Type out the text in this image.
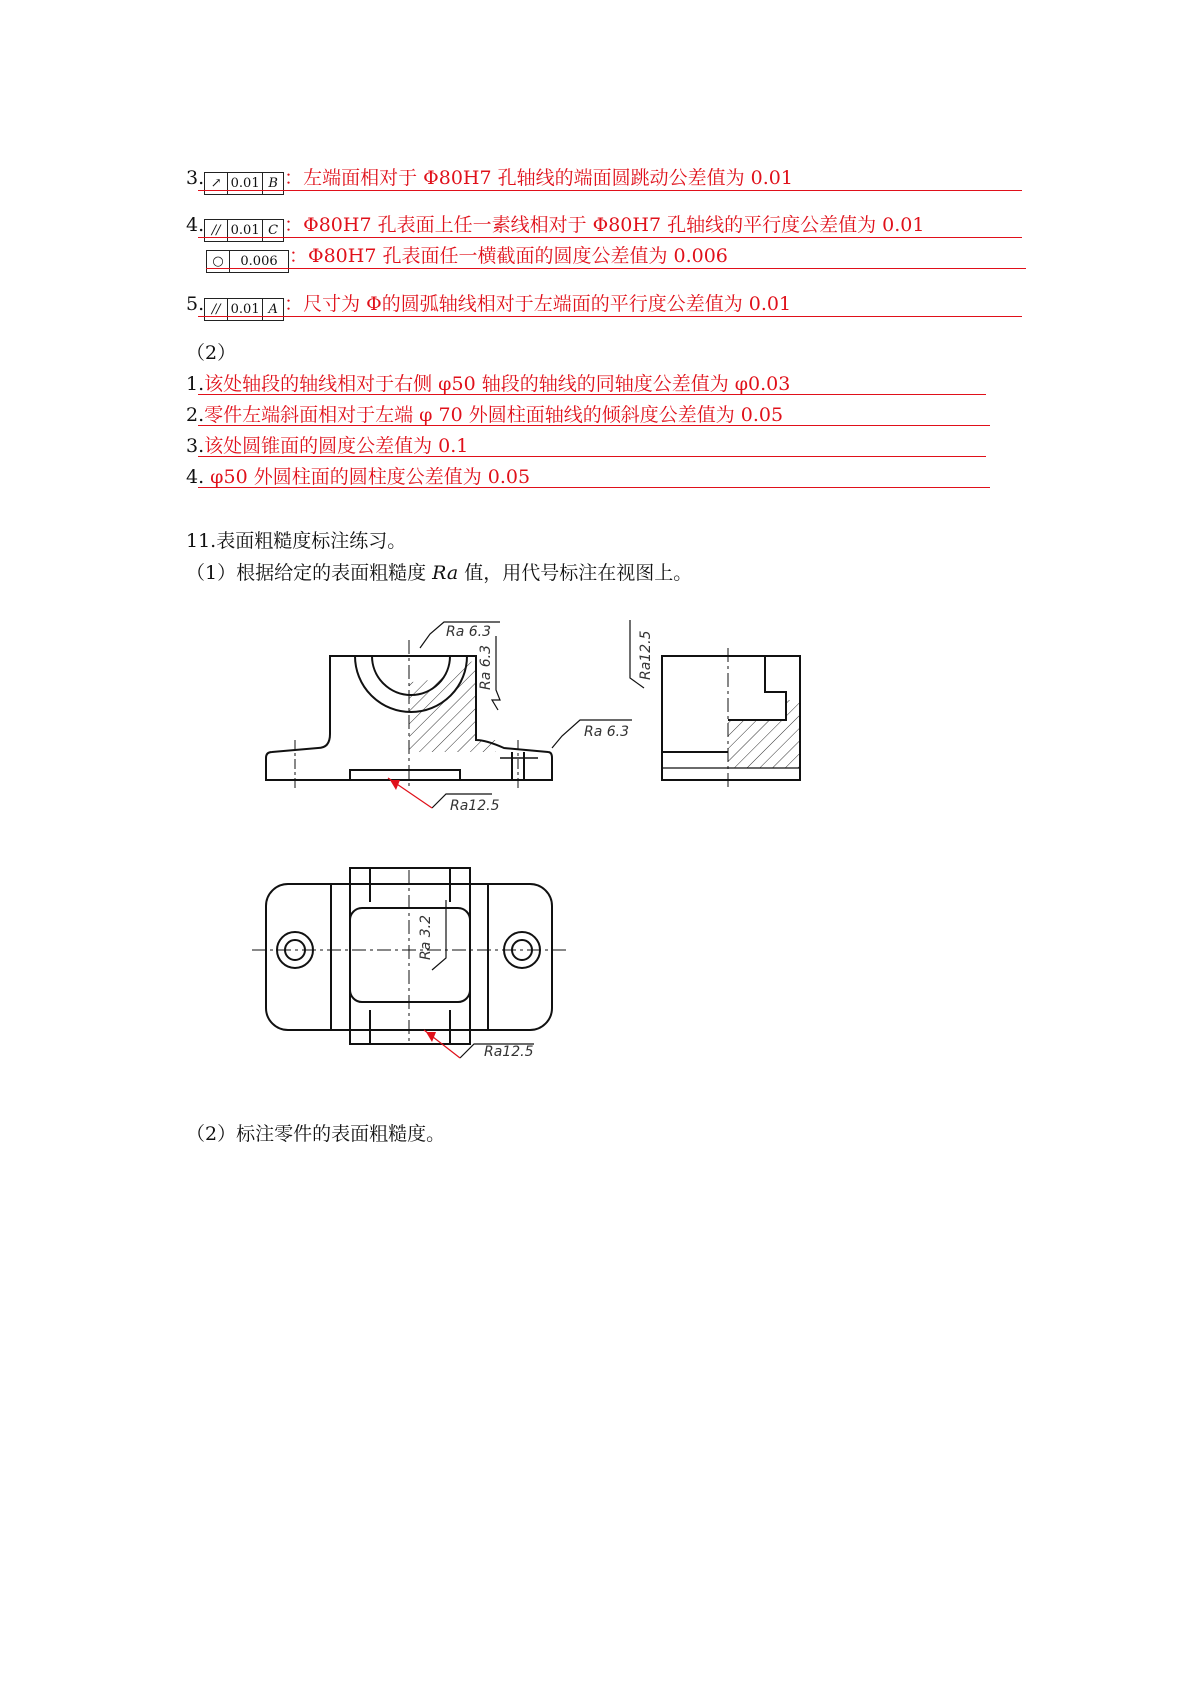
3. ↗ 0.01 B ：左端面相对于 Φ80H7 孔轴线的端面圆跳动公差值为 0.01
4. // 0.01 C ：Φ80H7 孔表面上任一素线相对于 Φ80H7 孔轴线的平行度公差值为 0.01
○ 0.006 ：Φ80H7 孔表面任一横截面的圆度公差值为 0.006
5. // 0.01 A ：尺寸为 Φ的圆弧轴线相对于左端面的平行度公差值为 0.01
（2）
1.该处轴段的轴线相对于右侧 φ50 轴段的轴线的同轴度公差值为 φ0.03
2.零件左端斜面相对于左端 φ 70 外圆柱面轴线的倾斜度公差值为 0.05
3.该处圆锥面的圆度公差值为 0.1
4. φ50 外圆柱面的圆柱度公差值为 0.05
11.表面粗糙度标注练习。
（1）根据给定的表面粗糙度 Ra 值，用代号标注在视图上。
Ra 6.3
Ra 6.3
Ra 6.3
Ra12.5
Ra12.5
Ra 3.2
Ra12.5
（2）标注零件的表面粗糙度。
